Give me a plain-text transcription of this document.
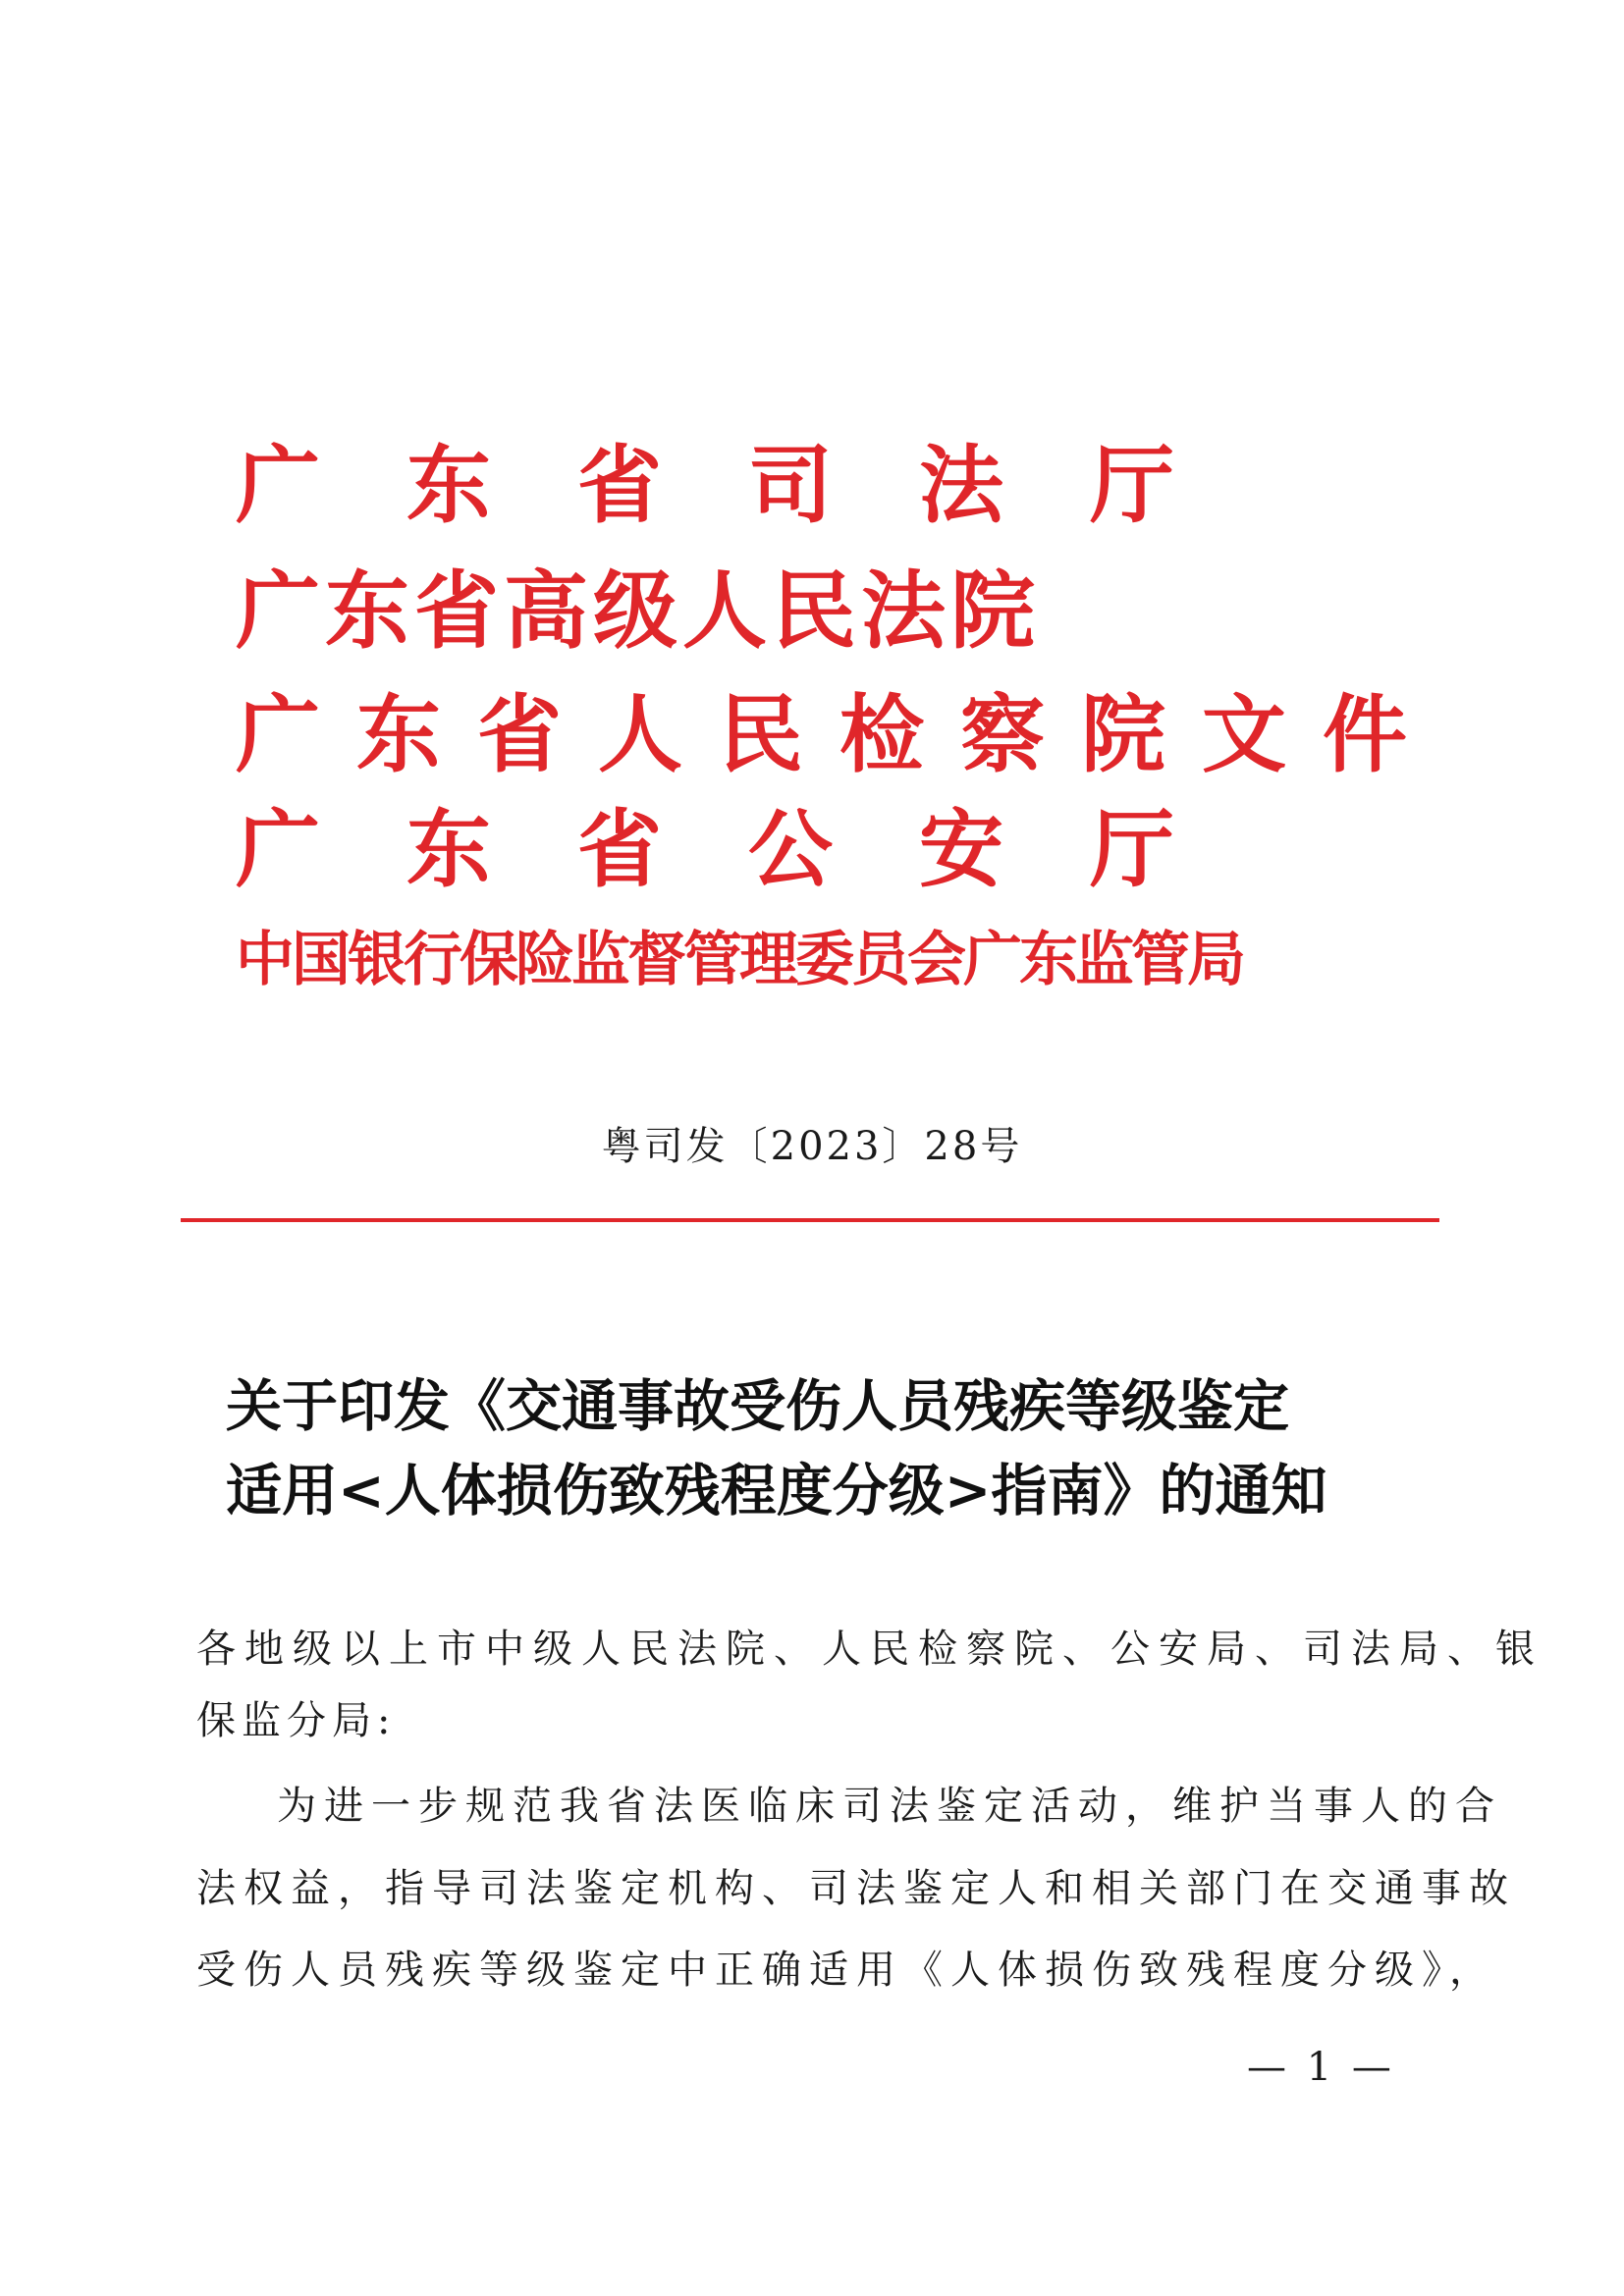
广东省司法厅
广东省高级人民法院
广东省人民检察院文件
广东省公安厅
中国银行保险监督管理委员会广东监管局
粤司发〔2023〕28号
关于印发《交通事故受伤人员残疾等级鉴定
适用<人体损伤致残程度分级>指南》的通知
各地级以上市中级人民法院、人民检察院、公安局、司法局、银
保监分局:
为进一步规范我省法医临床司法鉴定活动，维护当事人的合
法权益，指导司法鉴定机构、司法鉴定人和相关部门在交通事故
受伤人员残疾等级鉴定中正确适用《人体损伤致残程度分级》，
— 1 —
